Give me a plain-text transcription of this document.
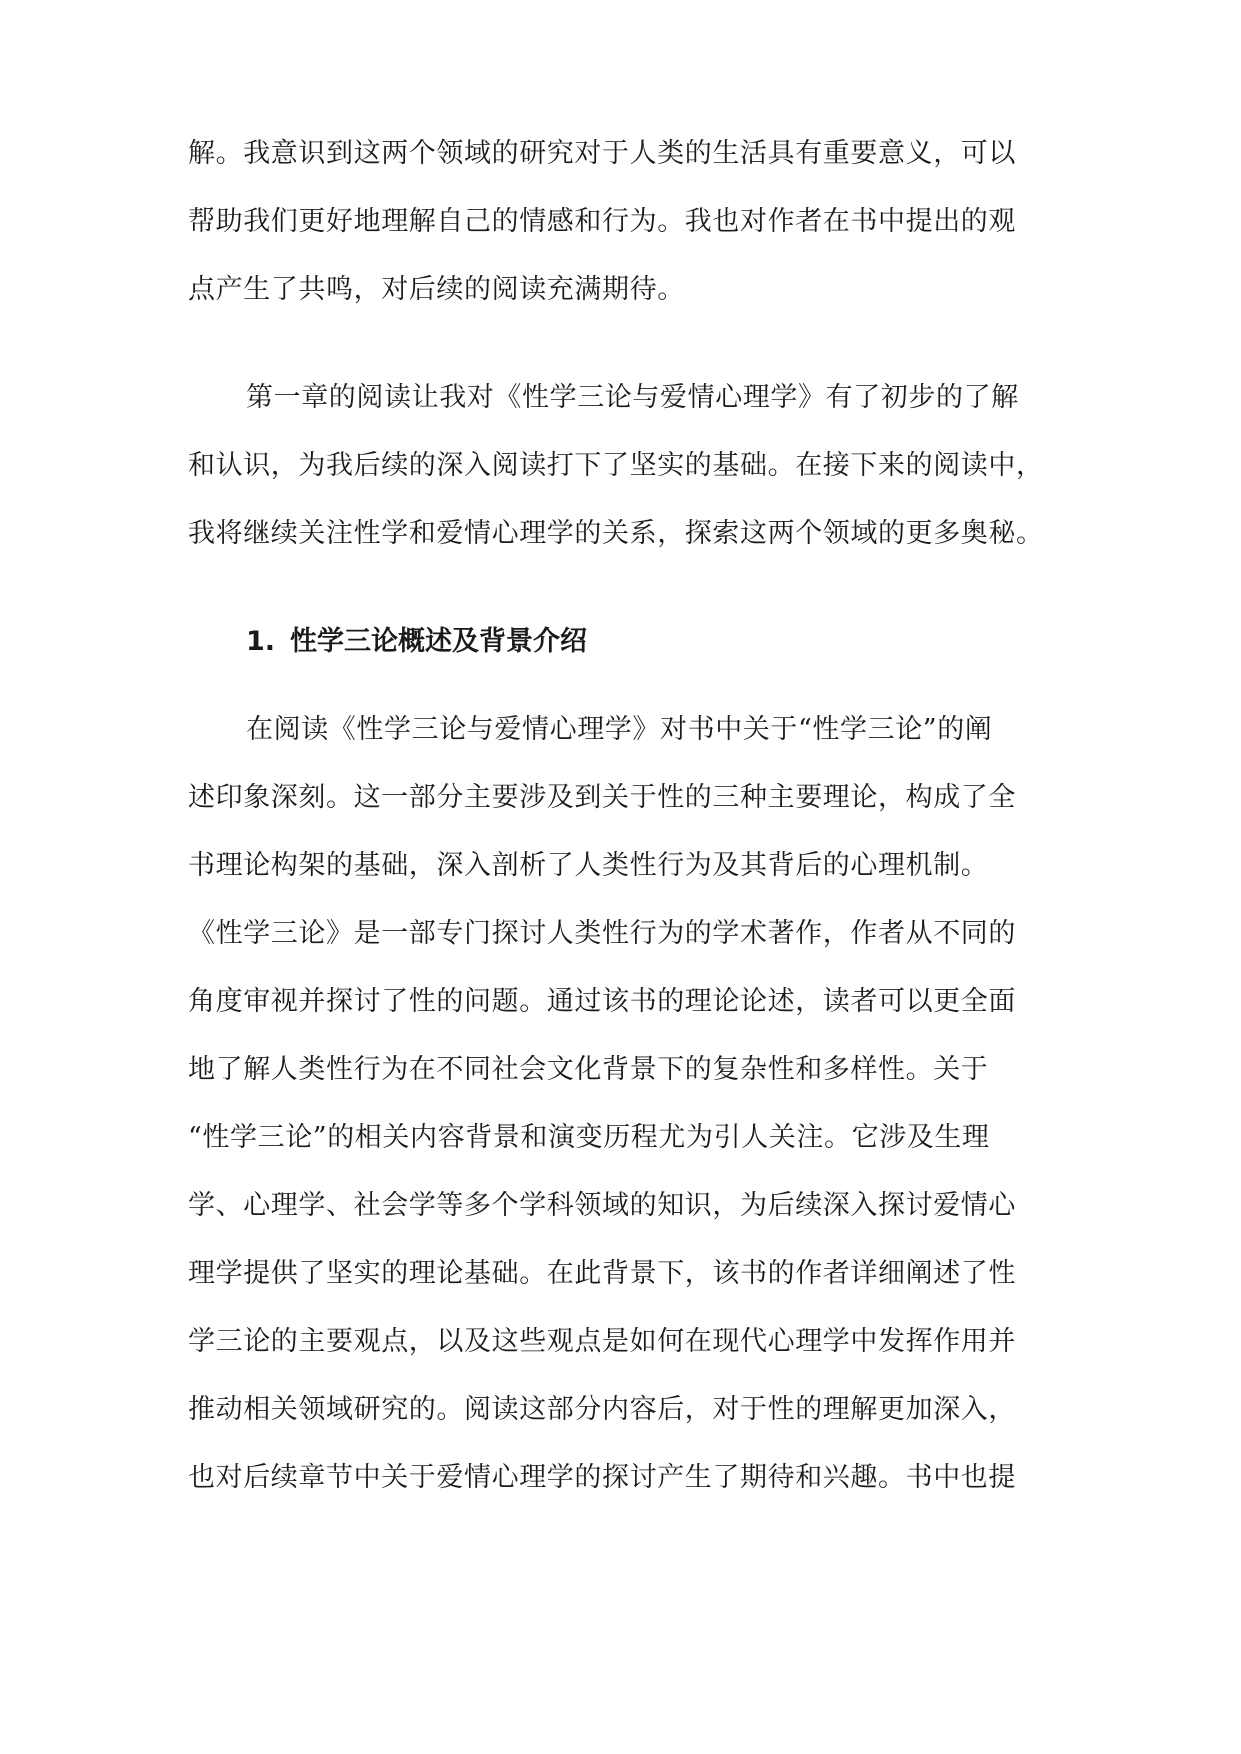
解。我意识到这两个领域的研究对于人类的生活具有重要意义，可以
帮助我们更好地理解自己的情感和行为。我也对作者在书中提出的观
点产生了共鸣，对后续的阅读充满期待。
第一章的阅读让我对《性学三论与爱情心理学》有了初步的了解
和认识，为我后续的深入阅读打下了坚实的基础。在接下来的阅读中，
我将继续关注性学和爱情心理学的关系，探索这两个领域的更多奥秘。
1. 性学三论概述及背景介绍
在阅读《性学三论与爱情心理学》对书中关于“性学三论”的阐
述印象深刻。这一部分主要涉及到关于性的三种主要理论，构成了全
书理论构架的基础，深入剖析了人类性行为及其背后的心理机制。
《性学三论》是一部专门探讨人类性行为的学术著作，作者从不同的
角度审视并探讨了性的问题。通过该书的理论论述，读者可以更全面
地了解人类性行为在不同社会文化背景下的复杂性和多样性。关于
“性学三论”的相关内容背景和演变历程尤为引人关注。它涉及生理
学、心理学、社会学等多个学科领域的知识，为后续深入探讨爱情心
理学提供了坚实的理论基础。在此背景下，该书的作者详细阐述了性
学三论的主要观点，以及这些观点是如何在现代心理学中发挥作用并
推动相关领域研究的。阅读这部分内容后，对于性的理解更加深入，
也对后续章节中关于爱情心理学的探讨产生了期待和兴趣。书中也提
